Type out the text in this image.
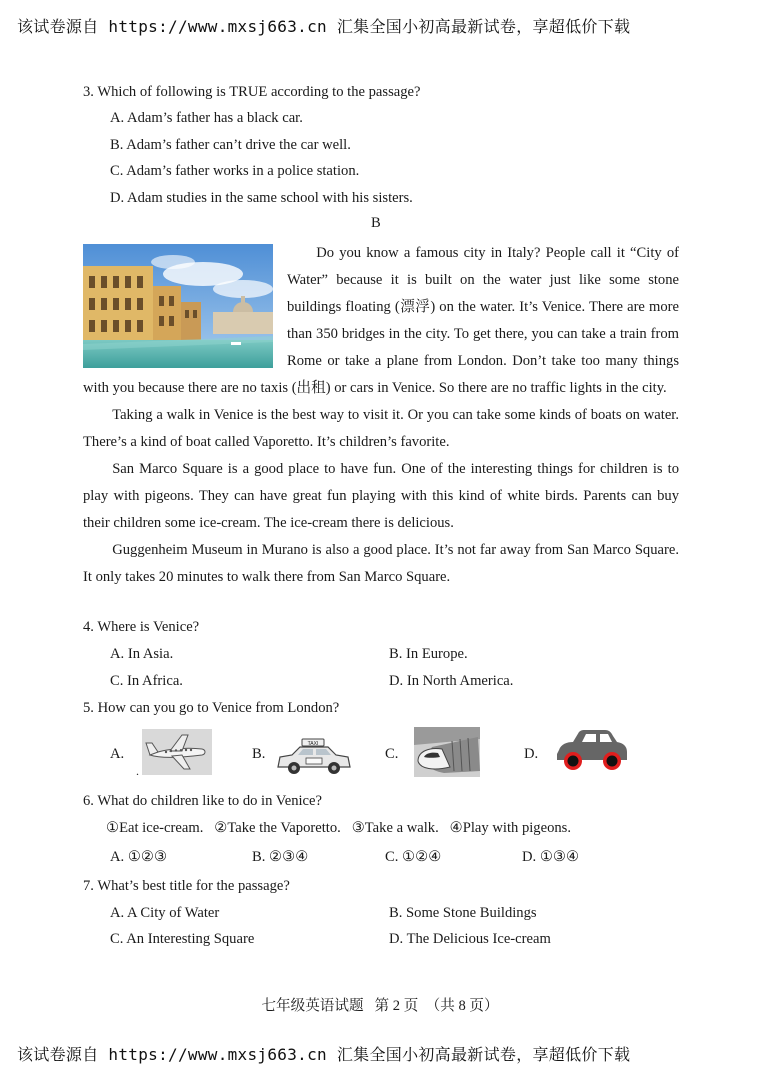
该试卷源自 https://www.mxsj663.cn 汇集全国小初高最新试卷，享超低价下载
3. Which of following is TRUE according to the passage?
A. Adam’s father has a black car.
B. Adam’s father can’t drive the car well.
C. Adam’s father works in a police station.
D. Adam studies in the same school with his sisters.
B

Do you know a famous city in Italy? People call it “City of Water” because it is built on the water just like some stone buildings floating (漂浮) on the water. It’s Venice. There are more than 350 bridges in the city. To get there, you can take a train from Rome or take a plane from London. Don’t take too many things with you because there are no taxis (出租) or cars in Venice. So there are no traffic lights in the city.

Taking a walk in Venice is the best way to visit it. Or you can take some kinds of boats on water. There’s a kind of boat called Vaporetto. It’s children’s favorite.

San Marco Square is a good place to have fun. One of the interesting things for children is to play with pigeons. They can have great fun playing with this kind of white birds. Parents can buy their children some ice-cream. The ice-cream there is delicious.

Guggenheim Museum in Murano is also a good place. It’s not far away from San Marco Square. It only takes 20 minutes to walk there from San Marco Square.

4. Where is Venice?
A. In Asia.	B. In Europe.
C. In Africa.	D. In North America.
5. How can you go to Venice from London?
A.
.
B.
TAXI
C.	D.
6. What do children like to do in Venice?
①Eat ice-cream.   ②Take the Vaporetto.   ③Take a walk.   ④Play with pigeons.
A. ①②③	B. ②③④	C. ①②④	D. ①③④
7. What’s best title for the passage?
A. A City of Water	B. Some Stone Buildings
C. An Interesting Square	D. The Delicious Ice-cream
七年级英语试题   第 2 页  （共 8 页）
该试卷源自 https://www.mxsj663.cn 汇集全国小初高最新试卷，享超低价下载
